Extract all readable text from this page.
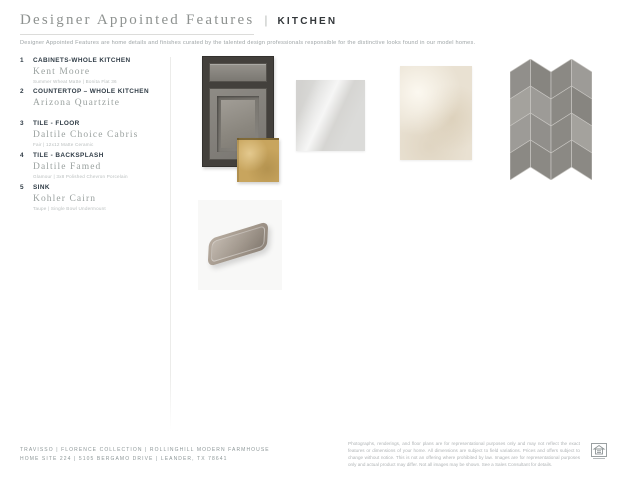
Designer Appointed Features | KITCHEN
Designer Appointed Features are home details and finishes curated by the talented design professionals responsible for the distinctive looks found in our model homes.
1	CABINETS-WHOLE KITCHEN
Kent Moore
Summer Wheat Matte | Bonita Flat 36
2	COUNTERTOP – WHOLE KITCHEN
Arizona Quartzite
3	TILE - FLOOR
Daltile Choice Cabris
Fair | 12x12 Matte Ceramic
4	TILE - BACKSPLASH
Daltile Famed
Glamour | 3x8 Polished Chevron Porcelain
5	SINK
Kohler Cairn
Taupe | Single Bowl Undermount
TRAVISSO | FLORENCE COLLECTION | ROLLINGHILL MODERN FARMHOUSE
HOME SITE 224 | 5105 BERGAMO DRIVE | LEANDER, TX 78641
Photographs, renderings, and floor plans are for representational purposes only and may not reflect the exact features or dimensions of your home. All dimensions are subject to field variations. Prices and offers subject to change without notice. This is not an offering where prohibited by law. Images are for representational purposes only and actual product may differ. Not all images may be shown. See a Sales Consultant for details.
